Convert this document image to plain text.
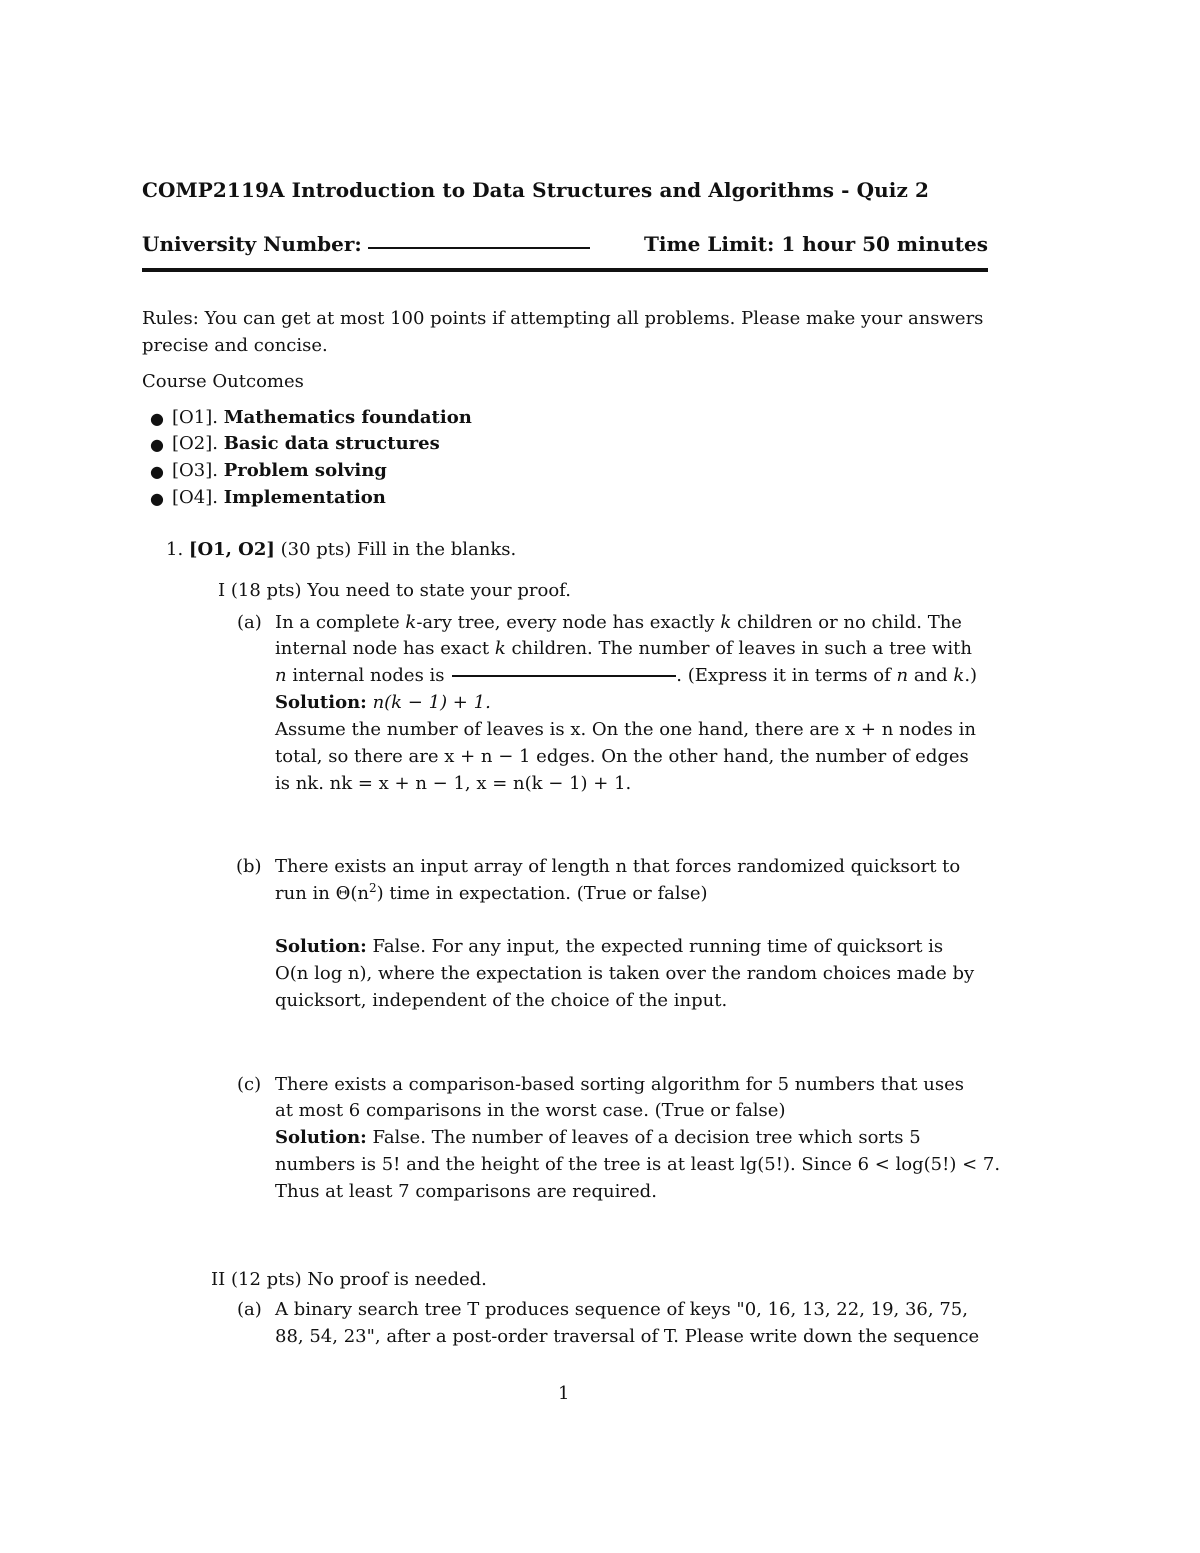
COMP2119A Introduction to Data Structures and Algorithms - Quiz 2
University Number:	Time Limit: 1 hour 50 minutes
Rules: You can get at most 100 points if attempting all problems. Please make your answers
precise and concise.
Course Outcomes
● [O1]. Mathematics foundation
● [O2]. Basic data structures
● [O3]. Problem solving
● [O4]. Implementation
1. [O1, O2] (30 pts) Fill in the blanks.
I (18 pts) You need to state your proof.
(a) In a complete k-ary tree, every node has exactly k children or no child. The
internal node has exact k children. The number of leaves in such a tree with
n internal nodes is	. (Express it in terms of n and k.)
Solution: n(k − 1) + 1.
Assume the number of leaves is x. On the one hand, there are x + n nodes in
total, so there are x + n − 1 edges. On the other hand, the number of edges
is nk. nk = x + n − 1, x = n(k − 1) + 1.
(b) There exists an input array of length n that forces randomized quicksort to
run in $\Theta(n^2)$ time in expectation. (True or false)
Solution: False. For any input, the expected running time of quicksort is
O(n log n), where the expectation is taken over the random choices made by
quicksort, independent of the choice of the input.
(c) There exists a comparison-based sorting algorithm for 5 numbers that uses
at most 6 comparisons in the worst case. (True or false)
Solution: False. The number of leaves of a decision tree which sorts 5
numbers is 5! and the height of the tree is at least lg(5!). Since 6 < log(5!) < 7.
Thus at least 7 comparisons are required.
II (12 pts) No proof is needed.
(a) A binary search tree T produces sequence of keys "0, 16, 13, 22, 19, 36, 75,
88, 54, 23", after a post-order traversal of T. Please write down the sequence
1
